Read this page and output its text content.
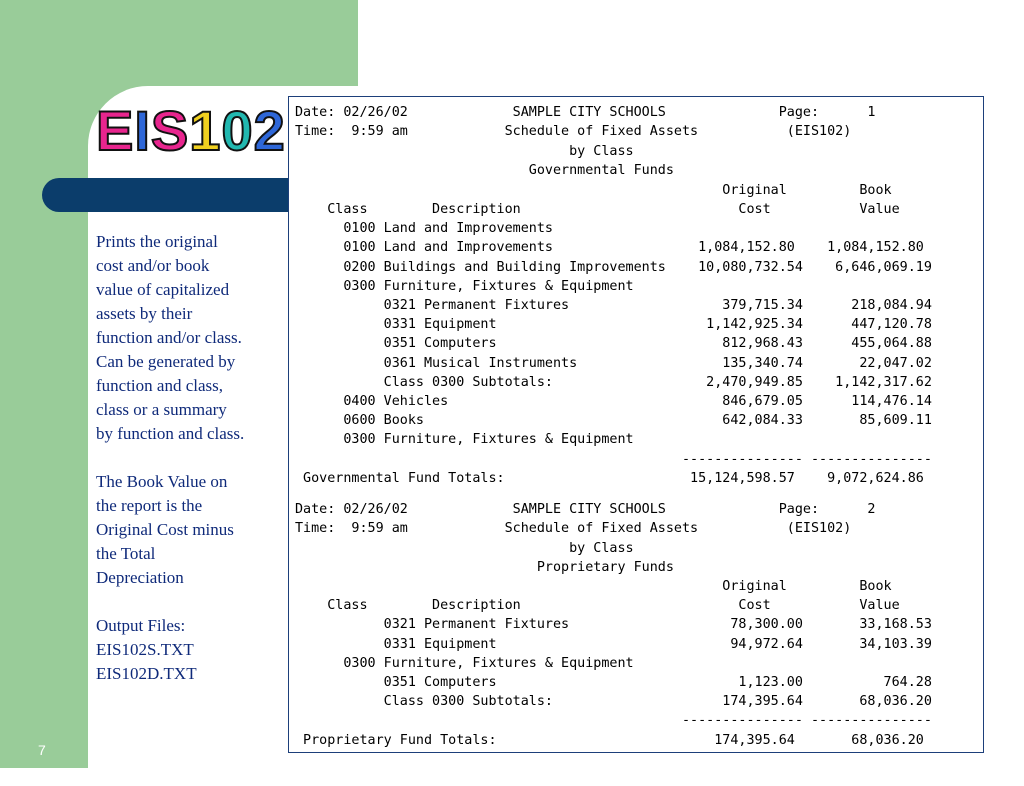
EIS102

Prints the original
cost and/or book
value of capitalized
assets by their
function and/or class.
Can be generated by
function and class,
class or a summary
by function and class.

The Book Value on
the report is the
Original Cost minus
the Total
Depreciation

Output Files:
EIS102S.TXT
EIS102D.TXT

7
Date: 02/26/02             SAMPLE CITY SCHOOLS              Page:      1
Time:  9:59 am            Schedule of Fixed Assets           (EIS102)
by Class
Governmental Funds
Original         Book
Class        Description                           Cost           Value
0100 Land and Improvements
0100 Land and Improvements                  1,084,152.80    1,084,152.80
0200 Buildings and Building Improvements    10,080,732.54    6,646,069.19
0300 Furniture, Fixtures & Equipment
0321 Permanent Fixtures                   379,715.34      218,084.94
0331 Equipment                          1,142,925.34      447,120.78
0351 Computers                            812,968.43      455,064.88
0361 Musical Instruments                  135,340.74       22,047.02
Class 0300 Subtotals:                   2,470,949.85    1,142,317.62
0400 Vehicles                                  846,679.05      114,476.14
0600 Books                                     642,084.33       85,609.11
0300 Furniture, Fixtures & Equipment
--------------- ---------------
Governmental Fund Totals:                       15,124,598.57    9,072,624.86
Date: 02/26/02             SAMPLE CITY SCHOOLS              Page:      2
Time:  9:59 am            Schedule of Fixed Assets           (EIS102)
by Class
Proprietary Funds
Original         Book
Class        Description                           Cost           Value
0321 Permanent Fixtures                    78,300.00       33,168.53
0331 Equipment                             94,972.64       34,103.39
0300 Furniture, Fixtures & Equipment
0351 Computers                              1,123.00          764.28
Class 0300 Subtotals:                     174,395.64       68,036.20
--------------- ---------------
Proprietary Fund Totals:                           174,395.64       68,036.20
